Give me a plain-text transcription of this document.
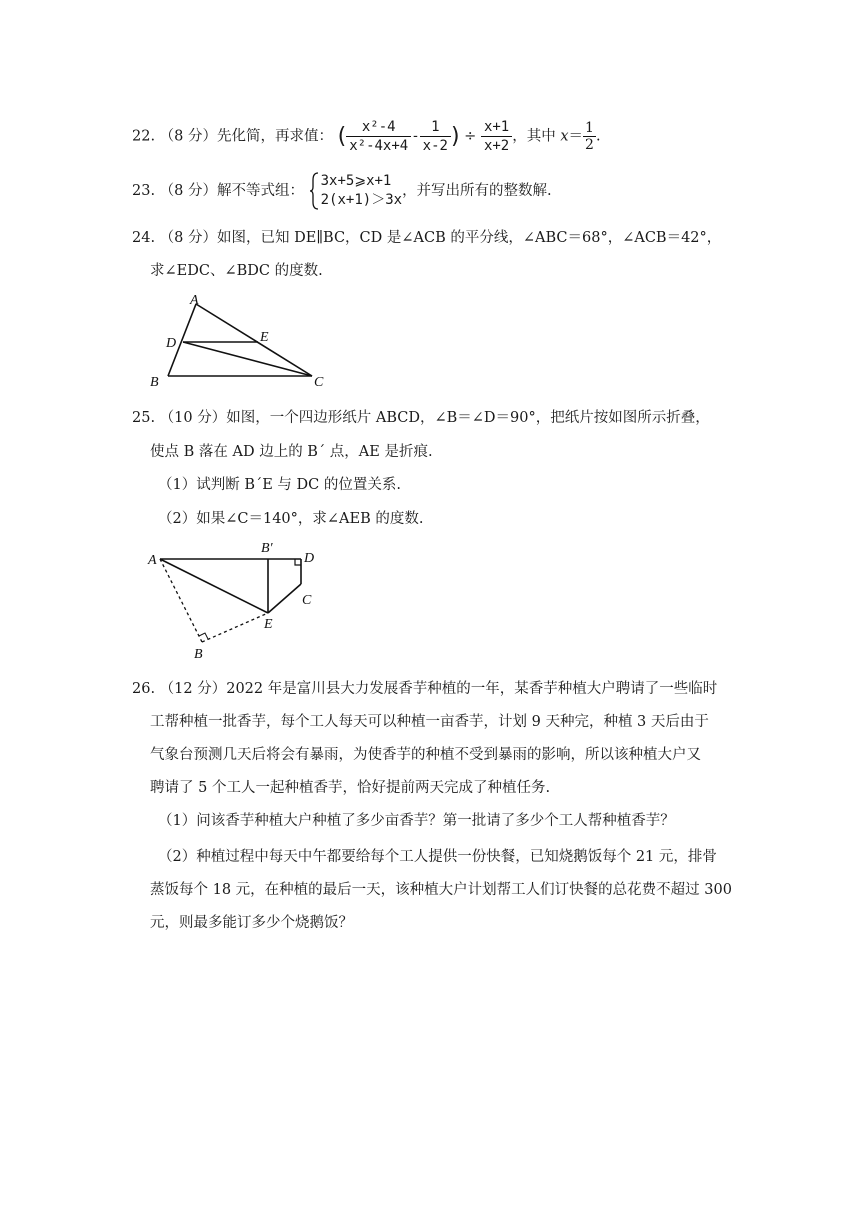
22. （8 分）先化简，再求值： ( $\frac{\text{x²-4}}{\text{x²-4x+4}} - \frac{1}{x-2}$ ) ÷ $\frac{x+1}{x+2}$ ，其中 $x= \frac{1}{2}$ .
23. （8 分）解不等式组：
3x+5⩾x+1
2(x+1)＞3x
，并写出所有的整数解.
24. （8 分）如图，已知 DE∥BC，CD 是∠ACB 的平分线，∠ABC＝68°，∠ACB＝42°，
求∠EDC、∠BDC 的度数.
A
D	E
B	C
25. （10 分）如图，一个四边形纸片 ABCD，∠B＝∠D＝90°，把纸片按如图所示折叠，
使点 B 落在 AD 边上的 B´ 点，AE 是折痕.
（1）试判断 B´E 与 DC 的位置关系.
（2）如果∠C＝140°，求∠AEB 的度数.
A
B′
D
C
E
B
26. （12 分）2022 年是富川县大力发展香芋种植的一年，某香芋种植大户聘请了一些临时
工帮种植一批香芋，每个工人每天可以种植一亩香芋，计划 9 天种完，种植 3 天后由于
气象台预测几天后将会有暴雨，为使香芋的种植不受到暴雨的影响，所以该种植大户又
聘请了 5 个工人一起种植香芋，恰好提前两天完成了种植任务.
（1）问该香芋种植大户种植了多少亩香芋？第一批请了多少个工人帮种植香芋？
（2）种植过程中每天中午都要给每个工人提供一份快餐，已知烧鹅饭每个 21 元，排骨
蒸饭每个 18 元，在种植的最后一天，该种植大户计划帮工人们订快餐的总花费不超过 300
元，则最多能订多少个烧鹅饭？
